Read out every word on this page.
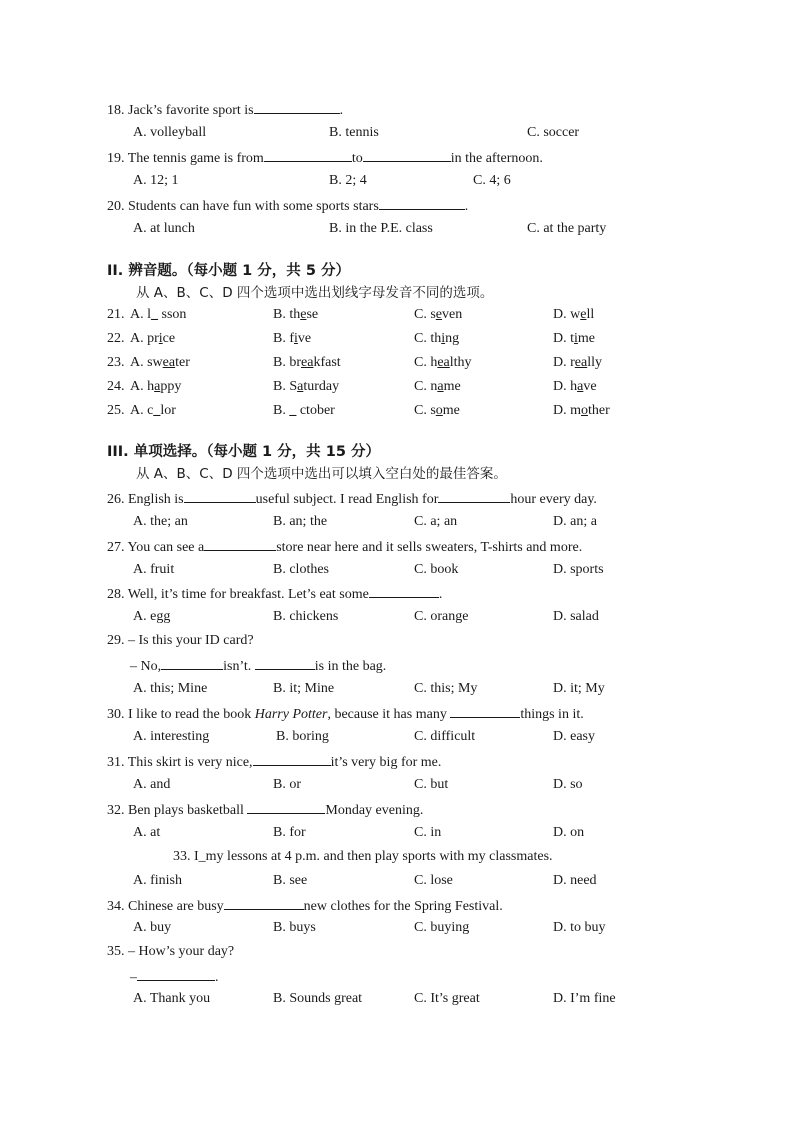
18. Jack’s favorite sport is	.
A. volleyball	B. tennis	C. soccer
19. The tennis game is from	to	in the afternoon.
A. 12; 1	B. 2; 4	C. 4; 6
20. Students can have fun with some sports stars	.
A. at lunch	B. in the P.E. class	C. at the party
II. 辨音题。（每小题 1 分，共 5 分）
从 A、B、C、D 四个选项中选出划线字母发音不同的选项。
21. A. l_ sson	B. these	C. seven	D. well
22. A. price	B. five	C. thing	D. time
23. A. sweater	B. breakfast	C. healthy	D. really
24. A. happy	B. Saturday	C. name	D. have
25. A. c_lor	B. _ ctober	C. some	D. mother
III. 单项选择。（每小题 1 分，共 15 分）
从 A、B、C、D 四个选项中选出可以填入空白处的最佳答案。
26. English is	useful subject. I read English for	hour every day.
A. the; an	B. an; the	C. a; an	D. an; a
27. You can see a	store near here and it sells sweaters, T-shirts and more.
A. fruit	B. clothes	C. book	D. sports
28. Well, it’s time for breakfast. Let’s eat some	.
A. egg	B. chickens	C. orange	D. salad
29. – Is this your ID card?
– No,	isn’t.	is in the bag.
A. this; Mine	B. it; Mine	C. this; My	D. it; My
30. I like to read the book Harry Potter, because it has many	things in it.
A. interesting	B. boring	C. difficult	D. easy
31. This skirt is very nice,	it’s very big for me.
A. and	B. or	C. but	D. so
32. Ben plays basketball	Monday evening.
A. at	B. for	C. in	D. on
33. I_my lessons at 4 p.m. and then play sports with my classmates.
A. finish	B. see	C. lose	D. need
34. Chinese are busy	new clothes for the Spring Festival.
A. buy	B. buys	C. buying	D. to buy
35. – How’s your day?
–	.
A. Thank you	B. Sounds great	C. It’s great	D. I’m fine
